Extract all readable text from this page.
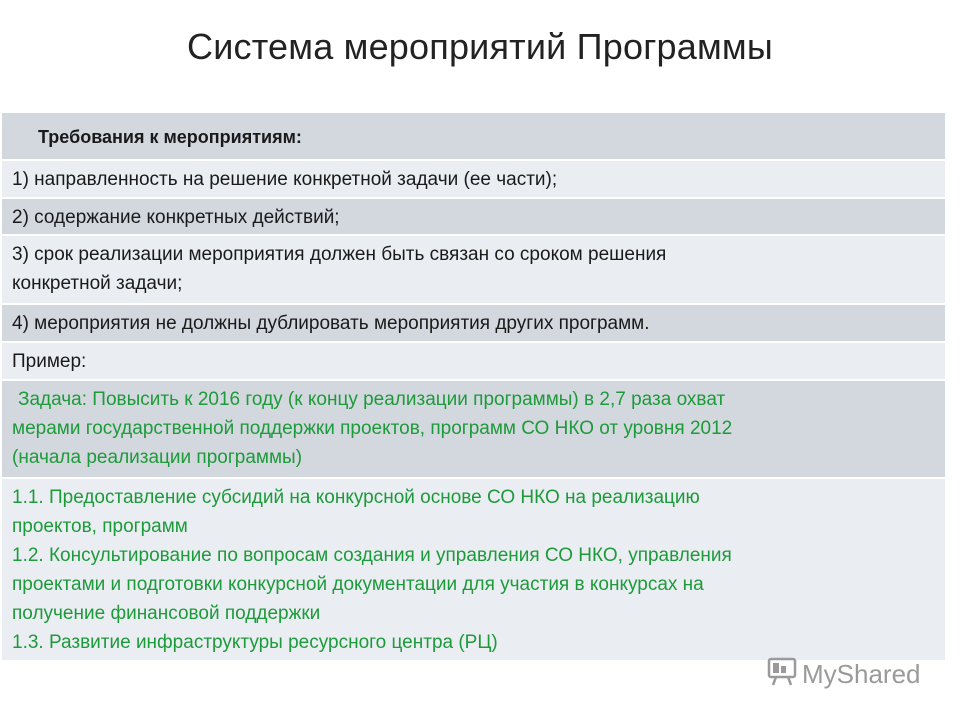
Система мероприятий Программы
Требования к мероприятиям:
1) направленность на решение конкретной задачи (ее части);
2) содержание конкретных действий;
3) срок реализации мероприятия должен быть связан со сроком решения
конкретной задачи;
4) мероприятия не должны дублировать мероприятия других программ.
Пример:
Задача: Повысить к 2016 году (к концу реализации программы) в 2,7 раза охват
мерами государственной поддержки проектов, программ СО НКО от уровня 2012
(начала реализации программы)
1.1. Предоставление субсидий на конкурсной основе СО НКО на реализацию
проектов, программ
1.2. Консультирование по вопросам создания и управления СО НКО, управления
проектами и подготовки конкурсной документации для участия в конкурсах на
получение финансовой поддержки
1.3. Развитие инфраструктуры ресурсного центра (РЦ)
MyShared
